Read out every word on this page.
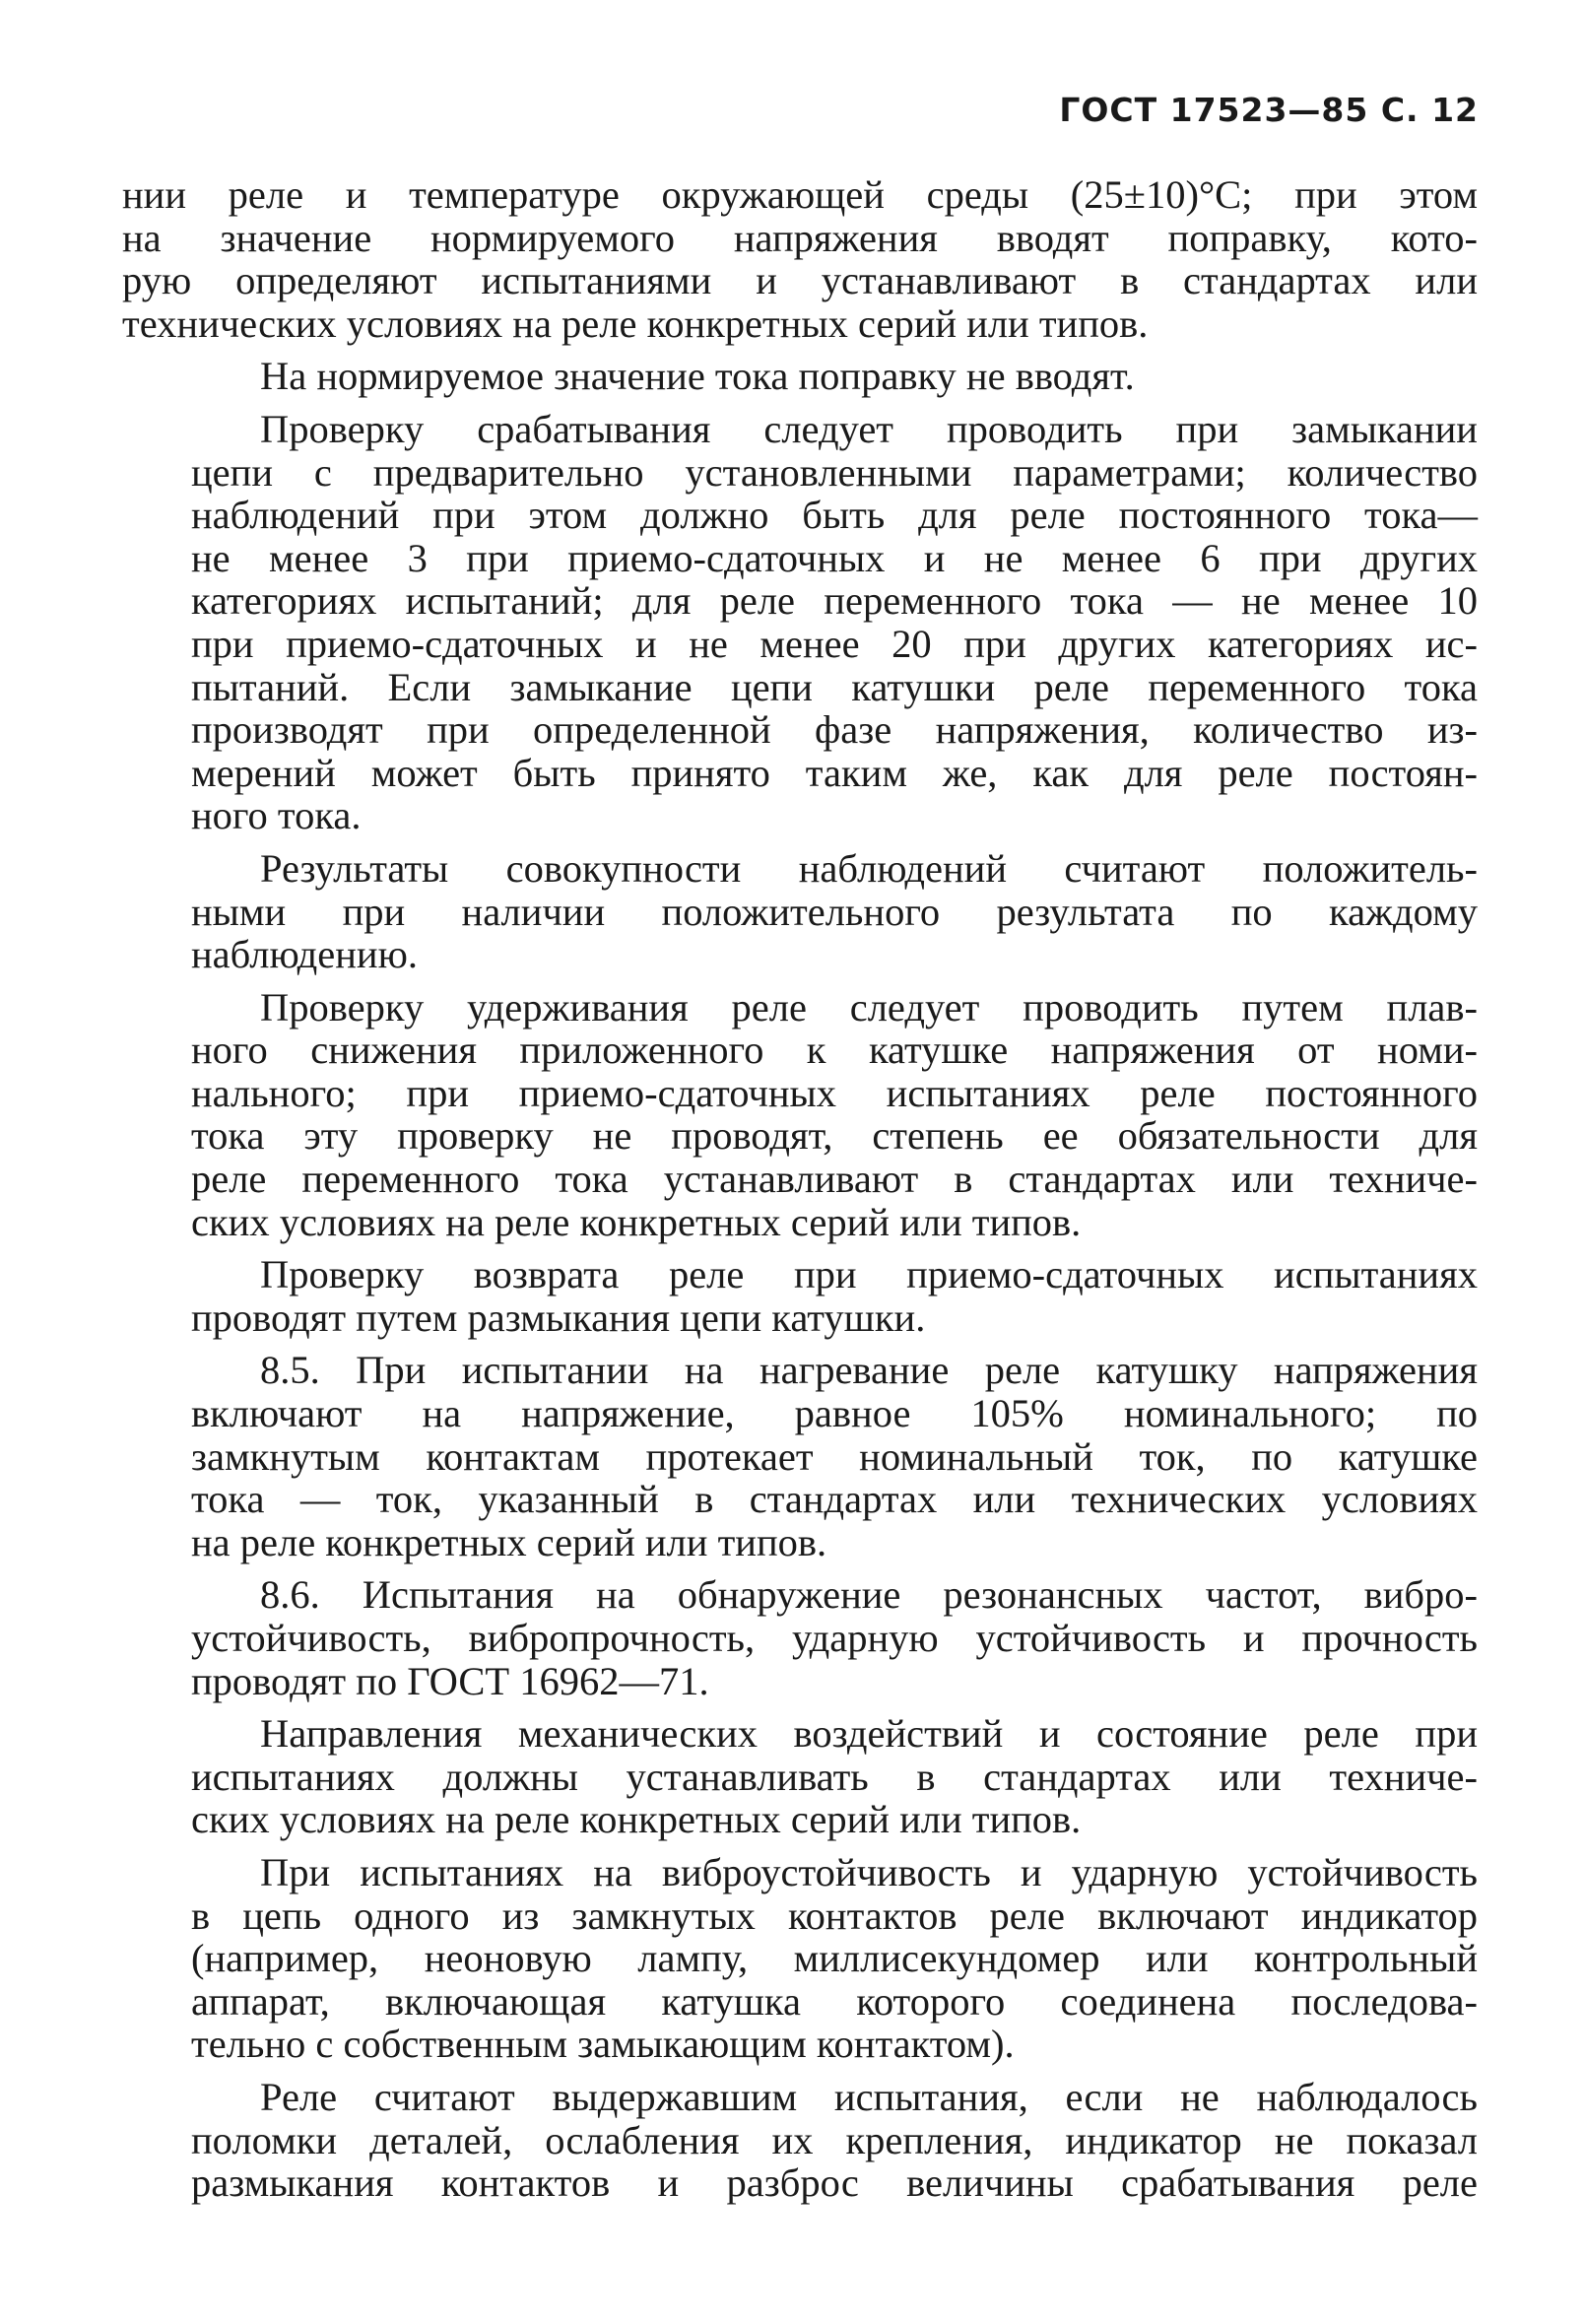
ГОСТ 17523—85 С. 12
нии реле и температуре окружающей среды (25±10)°С; при этом
на значение нормируемого напряжения вводят поправку, кото-
рую определяют испытаниями и устанавливают в стандартах или
технических условиях на реле конкретных серий или типов.
На нормируемое значение тока поправку не вводят.
Проверку срабатывания следует проводить при замыкании
цепи с предварительно установленными параметрами; количество
наблюдений при этом должно быть для реле постоянного тока—
не менее 3 при приемо-сдаточных и не менее 6 при других
категориях испытаний; для реле переменного тока — не менее 10
при приемо-сдаточных и не менее 20 при других категориях ис-
пытаний. Если замыкание цепи катушки реле переменного тока
производят при определенной фазе напряжения, количество из-
мерений может быть принято таким же, как для реле постоян-
ного тока.
Результаты совокупности наблюдений считают положитель-
ными при наличии положительного результата по каждому
наблюдению.
Проверку удерживания реле следует проводить путем плав-
ного снижения приложенного к катушке напряжения от номи-
нального; при приемо-сдаточных испытаниях реле постоянного
тока эту проверку не проводят, степень ее обязательности для
реле переменного тока устанавливают в стандартах или техниче-
ских условиях на реле конкретных серий или типов.
Проверку возврата реле при приемо-сдаточных испытаниях
проводят путем размыкания цепи катушки.
8.5. При испытании на нагревание реле катушку напряжения
включают на напряжение, равное 105% номинального; по
замкнутым контактам протекает номинальный ток, по катушке
тока — ток, указанный в стандартах или технических условиях
на реле конкретных серий или типов.
8.6. Испытания на обнаружение резонансных частот, вибро-
устойчивость, вибропрочность, ударную устойчивость и прочность
проводят по ГОСТ 16962—71.
Направления механических воздействий и состояние реле при
испытаниях должны устанавливать в стандартах или техниче-
ских условиях на реле конкретных серий или типов.
При испытаниях на виброустойчивость и ударную устойчивость
в цепь одного из замкнутых контактов реле включают индикатор
(например, неоновую лампу, миллисекундомер или контрольный
аппарат, включающая катушка которого соединена последова-
тельно с собственным замыкающим контактом).
Реле считают выдержавшим испытания, если не наблюдалось
поломки деталей, ослабления их крепления, индикатор не показал
размыкания контактов и разброс величины срабатывания реле
